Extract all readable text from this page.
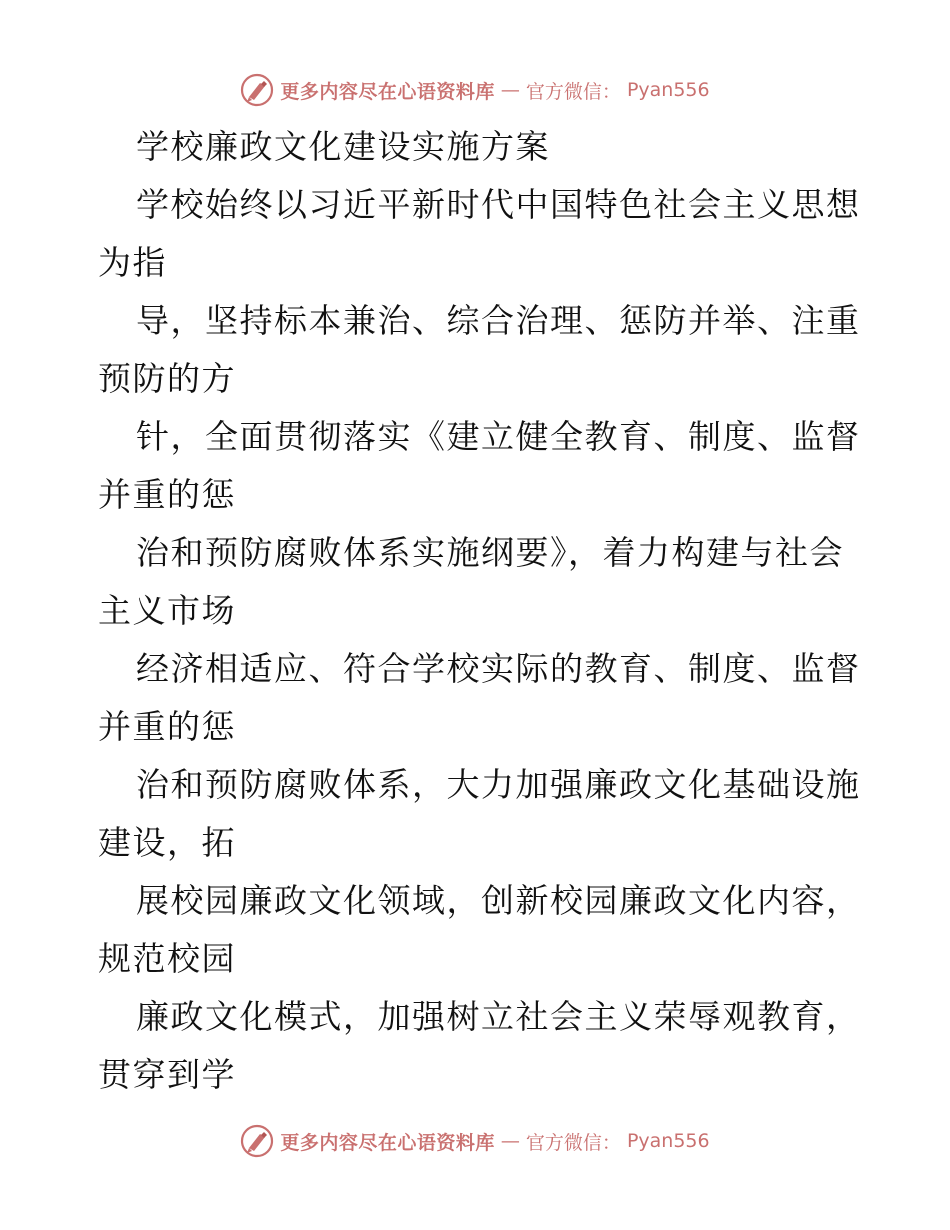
更多内容尽在心语资料库 — 官方微信： Pyan556
学校廉政文化建设实施方案
学校始终以习近平新时代中国特色社会主义思想
为指
导，坚持标本兼治、综合治理、惩防并举、注重
预防的方
针，全面贯彻落实《建立健全教育、制度、监督
并重的惩
治和预防腐败体系实施纲要》，着力构建与社会
主义市场
经济相适应、符合学校实际的教育、制度、监督
并重的惩
治和预防腐败体系，大力加强廉政文化基础设施
建设，拓
展校园廉政文化领域，创新校园廉政文化内容，
规范校园
廉政文化模式，加强树立社会主义荣辱观教育，
贯穿到学
更多内容尽在心语资料库 — 官方微信： Pyan556
